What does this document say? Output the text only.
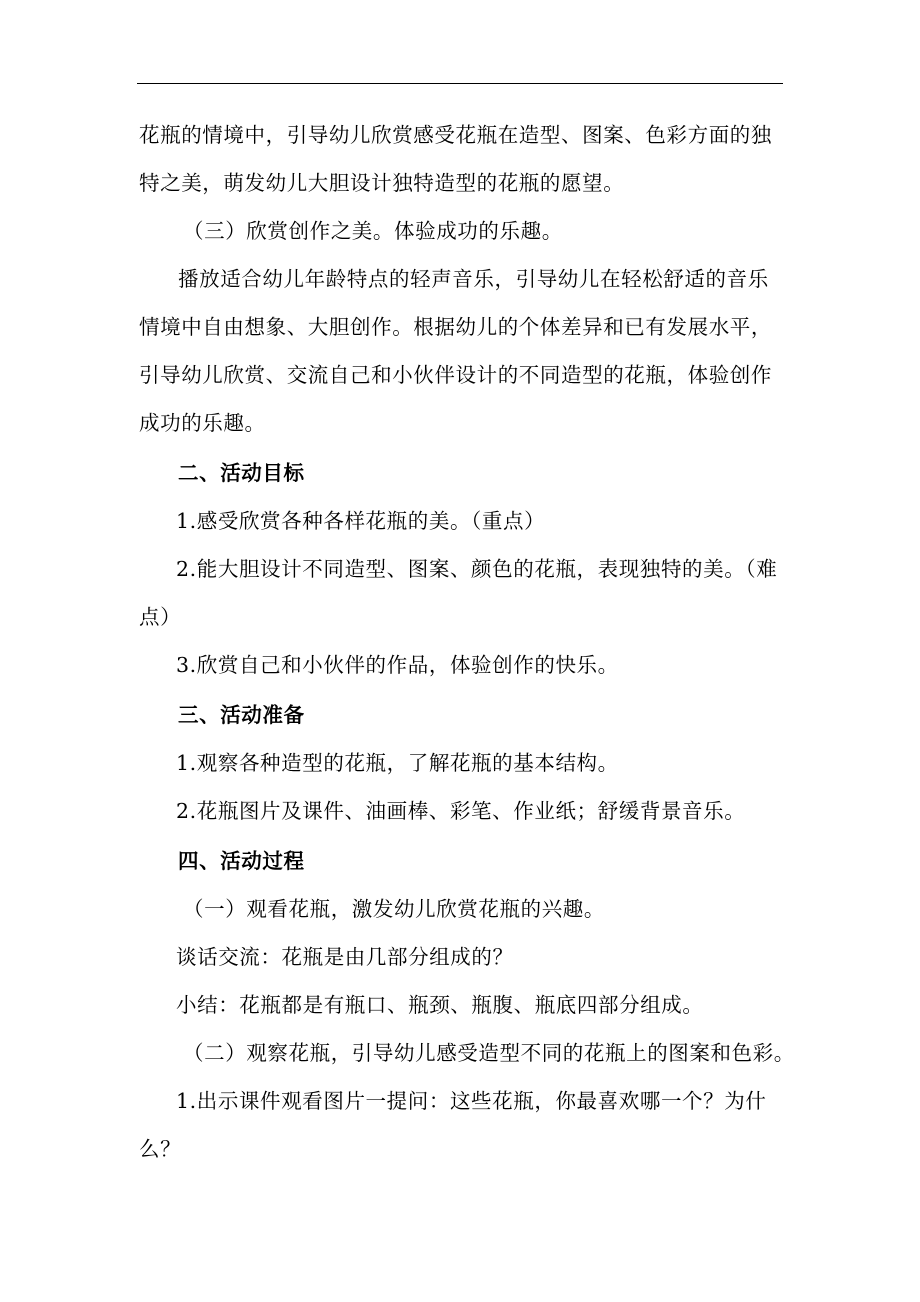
花瓶的情境中，引导幼儿欣赏感受花瓶在造型、图案、色彩方面的独
特之美，萌发幼儿大胆设计独特造型的花瓶的愿望。
（三）欣赏创作之美。体验成功的乐趣。
播放适合幼儿年龄特点的轻声音乐，引导幼儿在轻松舒适的音乐
情境中自由想象、大胆创作。根据幼儿的个体差异和已有发展水平，
引导幼儿欣赏、交流自己和小伙伴设计的不同造型的花瓶，体验创作
成功的乐趣。
二、活动目标
1.感受欣赏各种各样花瓶的美。（重点）
2.能大胆设计不同造型、图案、颜色的花瓶，表现独特的美。（难
点）
3.欣赏自己和小伙伴的作品，体验创作的快乐。
三、活动准备
1.观察各种造型的花瓶，了解花瓶的基本结构。
2.花瓶图片及课件、油画棒、彩笔、作业纸；舒缓背景音乐。
四、活动过程
（一）观看花瓶，激发幼儿欣赏花瓶的兴趣。
谈话交流：花瓶是由几部分组成的？
小结：花瓶都是有瓶口、瓶颈、瓶腹、瓶底四部分组成。
（二）观察花瓶，引导幼儿感受造型不同的花瓶上的图案和色彩。
1.出示课件观看图片一提问：这些花瓶，你最喜欢哪一个？为什
么？
